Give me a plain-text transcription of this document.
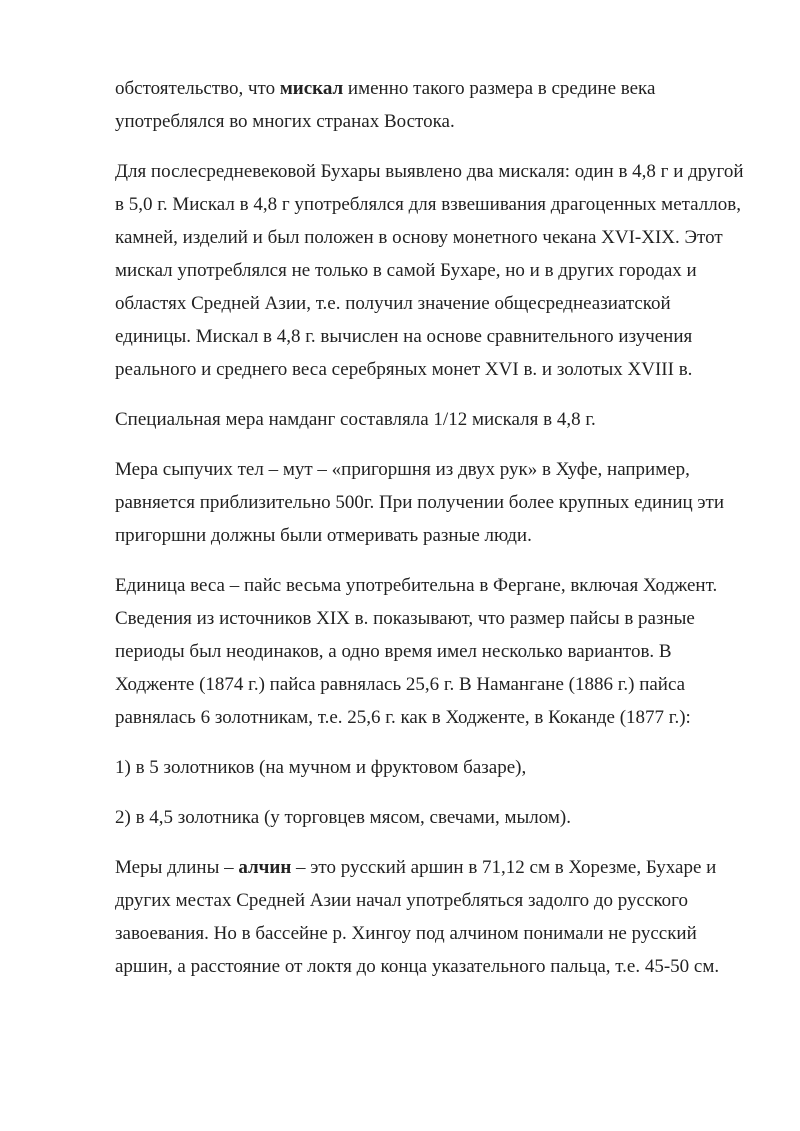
обстоятельство, что мискал именно такого размера в средине века
употреблялся во многих странах Востока.

Для послесредневековой Бухары выявлено два мискаля: один в 4,8 г и другой
в 5,0 г. Мискал в 4,8 г употреблялся для взвешивания драгоценных металлов,
камней, изделий и был положен в основу монетного чекана XVI-XIX. Этот
мискал употреблялся не только в самой Бухаре, но и в других городах и
областях Средней Азии, т.е. получил значение общесреднеазиатской
единицы. Мискал в 4,8 г. вычислен на основе сравнительного изучения
реального и среднего веса серебряных монет XVI в. и золотых XVIII в.

Специальная мера намданг составляла 1/12 мискаля в 4,8 г.

Мера сыпучих тел – мут – «пригоршня из двух рук» в Хуфе, например,
равняется приблизительно 500г. При получении более крупных единиц эти
пригоршни должны были отмеривать разные люди.

Единица веса – пайс весьма употребительна в Фергане, включая Ходжент.
Сведения из источников XIX в. показывают, что размер пайсы в разные
периоды был неодинаков, а одно время имел несколько вариантов. В
Ходженте (1874 г.) пайса равнялась 25,6 г. В Намангане (1886 г.) пайса
равнялась 6 золотникам, т.е. 25,6 г. как в Ходженте, в Коканде (1877 г.):

1) в 5 золотников (на мучном и фруктовом базаре),

2) в 4,5 золотника (у торговцев мясом, свечами, мылом).

Меры длины – алчин – это русский аршин в 71,12 см в Хорезме, Бухаре и
других местах Средней Азии начал употребляться задолго до русского
завоевания. Но в бассейне р. Хингоу под алчином понимали не русский
аршин, а расстояние от локтя до конца указательного пальца, т.е. 45-50 см.
